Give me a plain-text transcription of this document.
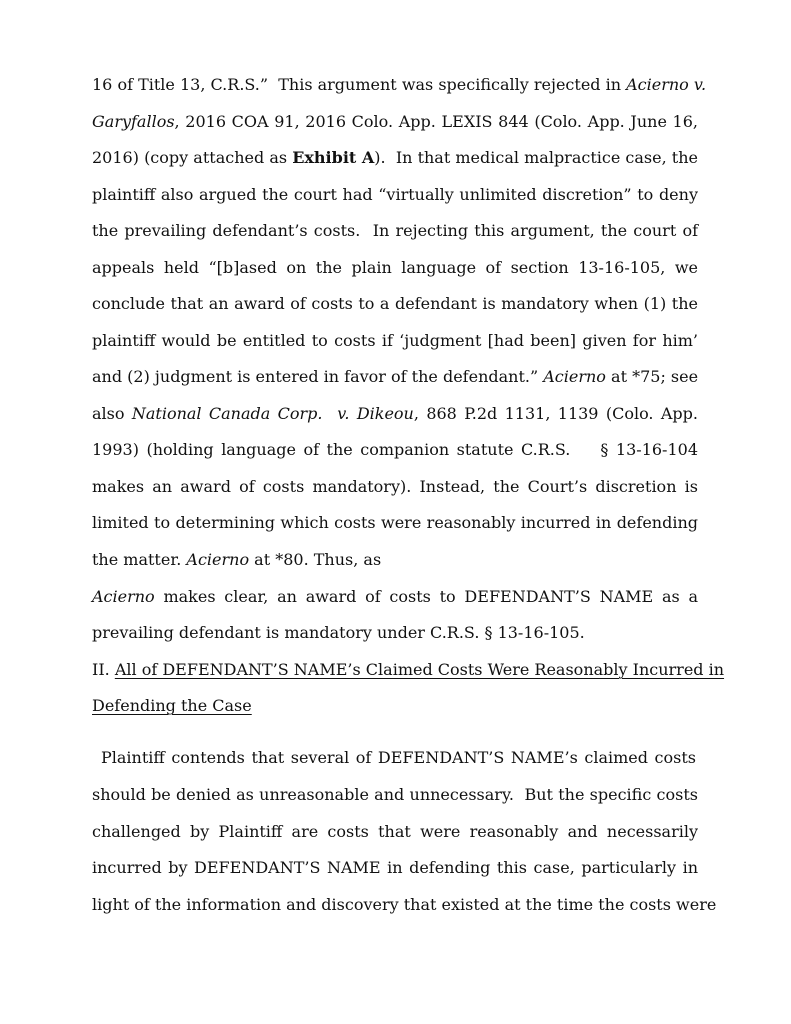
16 of Title 13, C.R.S.”  This argument was specifically rejected in Acierno v.
Garyfallos, 2016 COA 91, 2016 Colo. App. LEXIS 844 (Colo. App. June 16,
2016) (copy attached as Exhibit A).  In that medical malpractice case, the
plaintiff also argued the court had “virtually unlimited discretion” to deny
the prevailing defendant’s costs.  In rejecting this argument, the court of
appeals held “[b]ased on the plain language of section 13-16-105, we
conclude that an award of costs to a defendant is mandatory when (1) the
plaintiff would be entitled to costs if ‘judgment [had been] given for him’
and (2) judgment is entered in favor of the defendant.” Acierno at *75; see
also National Canada Corp.  v. Dikeou, 868 P.2d 1131, 1139 (Colo. App.
1993) (holding language of the companion statute C.R.S.    § 13-16-104
makes an award of costs mandatory). Instead, the Court’s discretion is
limited to determining which costs were reasonably incurred in defending
the matter. Acierno at *80. Thus, as
Acierno makes clear, an award of costs to DEFENDANT’S NAME as a
prevailing defendant is mandatory under C.R.S. § 13-16-105.
II. All of DEFENDANT’S NAME’s Claimed Costs Were Reasonably Incurred in
Defending the Case
Plaintiff contends that several of DEFENDANT’S NAME’s claimed costs
should be denied as unreasonable and unnecessary.  But the specific costs
challenged by Plaintiff are costs that were reasonably and necessarily
incurred by DEFENDANT’S NAME in defending this case, particularly in
light of the information and discovery that existed at the time the costs were
